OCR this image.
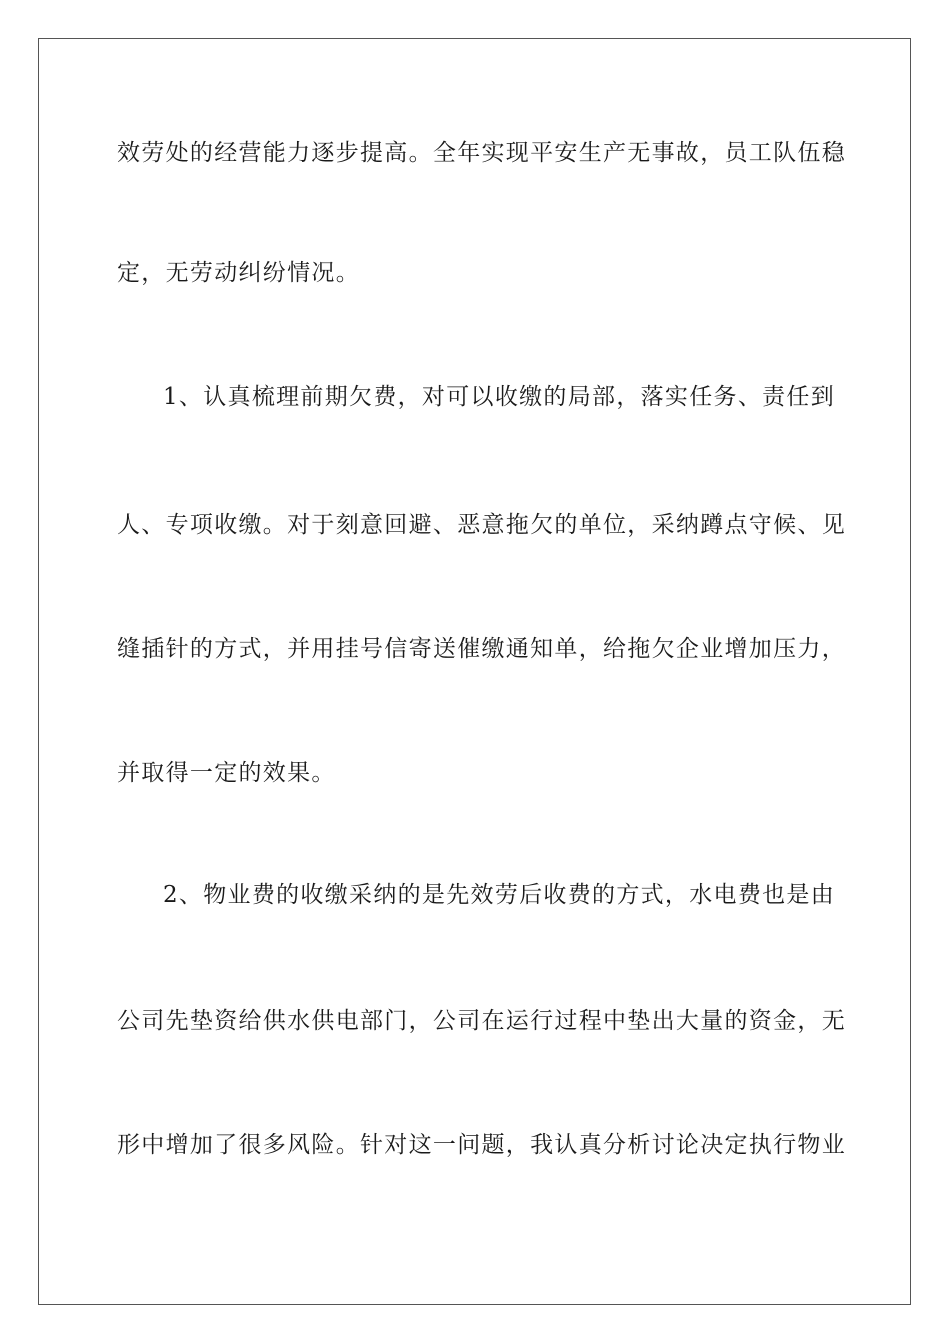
效劳处的经营能力逐步提高。全年实现平安生产无事故，员工队伍稳
定，无劳动纠纷情况。
1、认真梳理前期欠费，对可以收缴的局部，落实任务、责任到
人、专项收缴。对于刻意回避、恶意拖欠的单位，采纳蹲点守候、见
缝插针的方式，并用挂号信寄送催缴通知单，给拖欠企业增加压力，
并取得一定的效果。
2、物业费的收缴采纳的是先效劳后收费的方式，水电费也是由
公司先垫资给供水供电部门，公司在运行过程中垫出大量的资金，无
形中增加了很多风险。针对这一问题，我认真分析讨论决定执行物业
